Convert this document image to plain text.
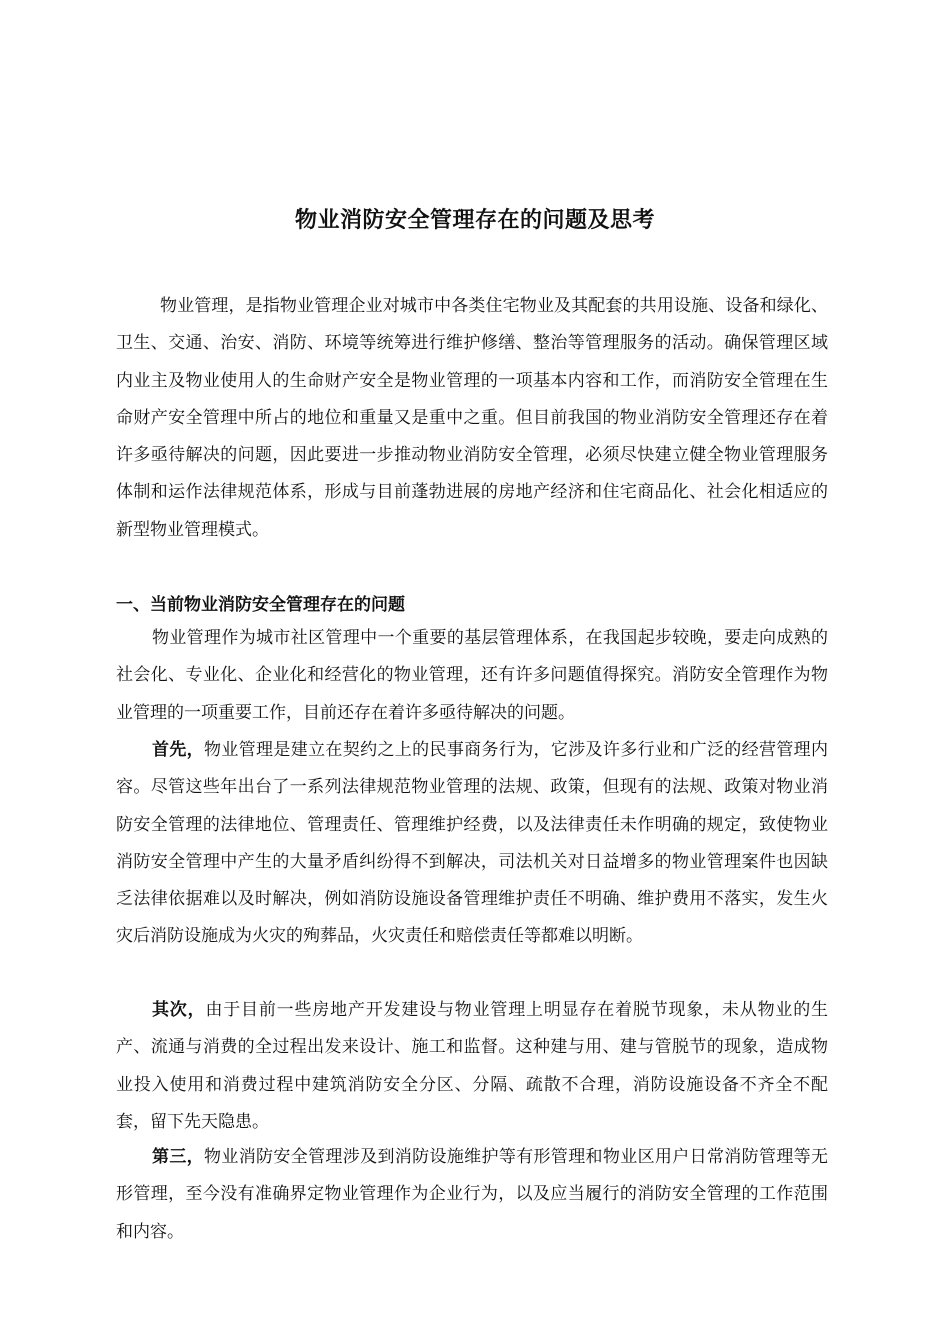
物业消防安全管理存在的问题及思考
物业管理，是指物业管理企业对城市中各类住宅物业及其配套的共用设施、设备和绿化、卫生、交通、治安、消防、环境等统筹进行维护修缮、整治等管理服务的活动。确保管理区域内业主及物业使用人的生命财产安全是物业管理的一项基本内容和工作，而消防安全管理在生命财产安全管理中所占的地位和重量又是重中之重。但目前我国的物业消防安全管理还存在着许多亟待解决的问题，因此要进一步推动物业消防安全管理，必须尽快建立健全物业管理服务体制和运作法律规范体系，形成与目前蓬勃进展的房地产经济和住宅商品化、社会化相适应的新型物业管理模式。
一、当前物业消防安全管理存在的问题
物业管理作为城市社区管理中一个重要的基层管理体系，在我国起步较晚，要走向成熟的社会化、专业化、企业化和经营化的物业管理，还有许多问题值得探究。消防安全管理作为物业管理的一项重要工作，目前还存在着许多亟待解决的问题。
首先，物业管理是建立在契约之上的民事商务行为，它涉及许多行业和广泛的经营管理内容。尽管这些年出台了一系列法律规范物业管理的法规、政策，但现有的法规、政策对物业消防安全管理的法律地位、管理责任、管理维护经费，以及法律责任未作明确的规定，致使物业消防安全管理中产生的大量矛盾纠纷得不到解决，司法机关对日益增多的物业管理案件也因缺乏法律依据难以及时解决，例如消防设施设备管理维护责任不明确、维护费用不落实，发生火灾后消防设施成为火灾的殉葬品，火灾责任和赔偿责任等都难以明断。
其次，由于目前一些房地产开发建设与物业管理上明显存在着脱节现象，未从物业的生产、流通与消费的全过程出发来设计、施工和监督。这种建与用、建与管脱节的现象，造成物业投入使用和消费过程中建筑消防安全分区、分隔、疏散不合理，消防设施设备不齐全不配套，留下先天隐患。
第三，物业消防安全管理涉及到消防设施维护等有形管理和物业区用户日常消防管理等无形管理，至今没有准确界定物业管理作为企业行为，以及应当履行的消防安全管理的工作范围和内容。
